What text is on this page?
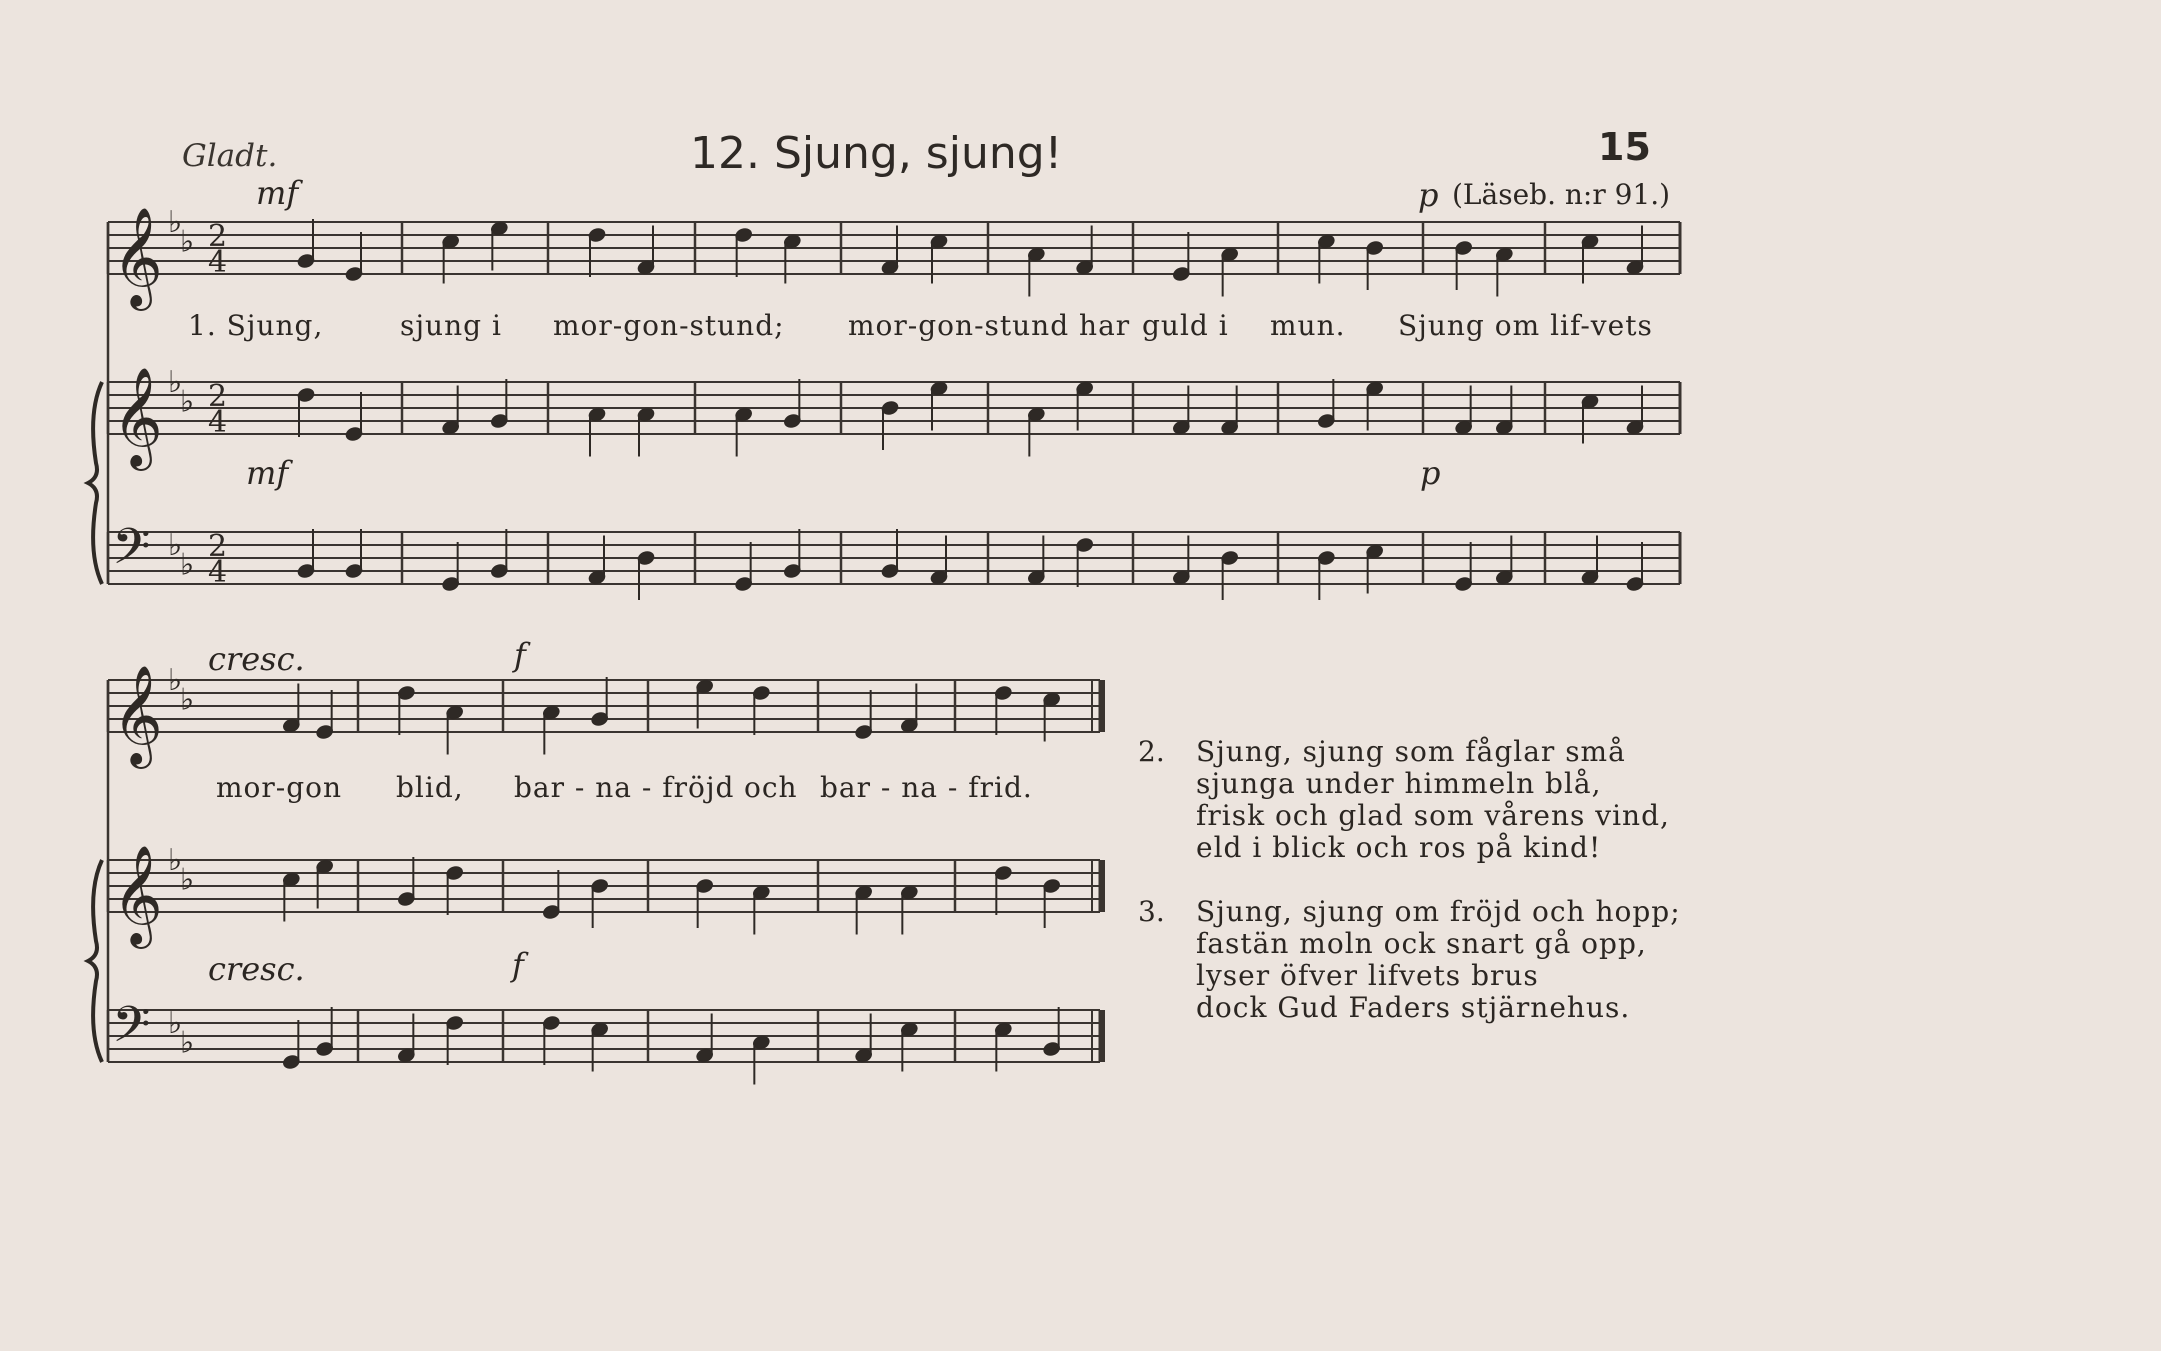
𝄞 ♭
♭ 2
4
𝄞 ♭
♭ 2
4
𝄢 ♭
♭
2
4
𝄞 ♭
♭
𝄞 ♭
♭
𝄢 ♭
♭
Gladt.	12. Sjung, sjung!	15
p (Läseb. n:r 91.)
mf
mf	p
1. Sjung,	sjung i mor-gon-stund; mor-gon-stund har guld i mun. Sjung om lif-vets
cresc.	f
cresc.	f
mor-gon blid, bar - na - fröjd och bar - na - frid.
2. Sjung, sjung som fåglar små
sjunga under himmeln blå,
frisk och glad som vårens vind,
eld i blick och ros på kind!
3. Sjung, sjung om fröjd och hopp;
fastän moln ock snart gå opp,
lyser öfver lifvets brus
dock Gud Faders stjärnehus.
